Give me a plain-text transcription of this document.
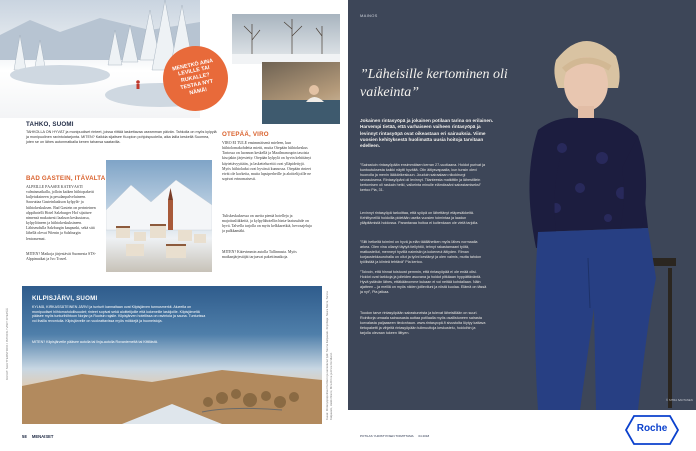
MENETKÖ AINA LEVILLE TAI RUKALLE? TESTAA NYT NÄMÄ!
TAHKO, SUOMI
TAHKOLLA ON HYVÄT ja monipuoliset rinteet, joissa riittää laskettavaa useamman päivän. Tahkolla on myös kylpylä ja monipuolinen ravintolatarjonta. MITEN? Kaikkia sijaitsee Kuopion pohjoispuolella, aika lailla keskellä Suomea, joten se on lähes autonmatkalla kenen tahansa saatavilla.
BAD GASTEIN, ITÄVALTA
ALPEILLE PÄÄSEE KÄTEVÄSTI valmismatkalla, jolloin kaiken hiihtopaketti kuljetuksineen ja pesulanpalveluineen. Saavuttaa Gasteinlaakson kylpylä- ja hiihtokeskuksen. Bad Gastein on perinteinen alppihotelli Hotel Salzburger Hof sijaitsee nimensä mukaisesti laakson keskustassa, kylpylöineen ja hiihtokeskuksineen. Lähiseudulla Salzburgin kaupunki, sekä sitä lähellä olevat Wienin ja Salzburgin lentoasemat.
MITEN? Matkoja järjestävät Suomesta STS-Alppimatkat ja Ivo Travel.
OTEPÄÄ, VIRO
VIRO EI TULE ensimmäisenä mieleen, kun hiihtolomakohdetta mietti, mutta Otepään hiihtokeskus Tartossa on luonnon keskellä ja Maailmancupin tasoisia kisojakin järjestetty. Otepään kylpylä on hyvin kehittänyt käytettävyyttään, ja laskettelureitit ovat ylläpidettyjä. Myös hiihtoladut ovat hyvässä kunnossa. Otepään rinteet eivät ole korkeita, mutta lapsiperheille ja aloittelijoille ne sopivat erinomaisesti.
Tuliskeskuksessa on useita pieniä hotelleja ja majoitusliikkeitä, ja kylpylähotellin hinta-laatusuhde on hyvä. Talvella tarjolla on myös kelkkaretkiä, hevosajeluja ja pulkkamäki.
MITEN? Kätevimmin autolla Tallinnasta. Myös matkanjärjestäjät tarjoavat pakettimatkoja.
KILPISJÄRVI, SUOMI
KYLMÄ, KIRKASSÄTEINEN JÄRVI ja tunturit kannaltaan ovat Kilpisjärven tunnusmerkit. Alueella on monipuoliset hiihtomahdollisuudet; rinteet sopivat sekä aloittelijoille että kokeneille laskijoille. Kilpisjärveltä pääsee myös tunturihiihtoon Norjan ja Ruotsin rajalle. Kilpisjärven hotellissa on ravintola ja sauna. Tunturissa voi ihailla revontulia. Kilpisjärvelle on vuokrattavissa myös mökkejä ja huoneistoja.
MITEN? Kilpisjärvelle pääsee autolla tai linja-autolla Rovaniemeltä tai Kittilästä.
KUVAT: SHUTTERSTOCK / ISTOCK / VISIT OTEPÄÄ
58 MENAISET
MAINOS
”Läheisille kertominen oli vaikeinta”
Jokainen rintasyöpä ja jokainen potilaan tarina on erilainen. Harvempi tietää, että varhaiseen vaiheen rintasyöpä ja levinnyt rintasyöpä ovat oikeastaan eri sairauksia. Viime vuosien kehityksestä huolimatta uusia hoitoja tarvitaan edelleen.
”Sairastuin rintasyöpään ensimmäisen kerran 27-vuotiaana. Hoidot purivat ja kuntoutuksesta kaikki näytti hyvältä. Olin äitiysvapaalla, kun tunsin olevi huonolla ja menin lääkärikeskuun. Jouduin sairaalaan nikokirurgi seurauksena. Rintasyöpäni oli levinnyt. Tilanteesta matkittiin ja lähestillein kertomisen oli raskain hetki, vaikeinta minulle elämässäni sairastamiseksi” kertoo Pia, 31.
Levinnyt rintasyöpä tarkoittaa, että syöpä on lähettänyt etäpesäkkeitä. Kehittyneillä hoidoilla pidetään useita vuosien toimintaa ja laadun ylläpitämistä hoidossa. Parantavaa hoitoa ei kuitenkaan ole vielä tarjolla.
”Silti hetkeltä toimimi on hyvä ja elän täällähetken myös lähes normaalia arkea. Olen vina ollanyt täytyä tiellyhtiö, tehnyt rakastamaani työtä, matkustellut, menneyt hyvillä naimisiin ja kokeneut äitiyden. Riman korjaustekkaurohalla on ollut ja työni kestänyt ja olen valmis, mutta tahdon työllistää ja kiinteä tehtävä” Pia kertoo.
”Toivoin, että hinnat toistuvat pemmin, että rintasyöpää ei ole enää olisi. Hoidot ovat tarkkoja ja jolleiden asuvana ja hoidot pitkäaan hyppättäväntä. Hyvä ystävän lähes, ettäkäänomme kukaan ei voi neitää kohdallaan. Näin ajatteen – ja meillä on myös niiden joilleviluni ja niistä kuolaa. Elämä on tässä ja nyt”, Pia jatkaa.
Toodon tarve rintasyöpään sairastuneista ja tulevat läheisillään on suuri. Roinitorja urnaala sairausasta auttaa potilaalla myös osallistuneen sairasta korvalasta paljaaseen tiedonhaun. www.rintasyopä.fi sivustolta löytyy kattava tietopaketti ja vihjeitä rintasyöpään tulimuuttoja keskustelu, hoidoihin ja tarjolla olevaan tukeen liittyen.
© SITRA SANTANEN
POTILAS YHDISTYKSEN TOIMITTAMA 04 2018
Roche
Kuvat: Rintasyöpäpotilas Pia Niemi ja sairastunut tytär Sanna Kalpavalo. Kirjoittaja: Saara Niemi, Sanna Kalpavalo, Heikki Niemi, Mira Rinne ja Anne Nordlund.
